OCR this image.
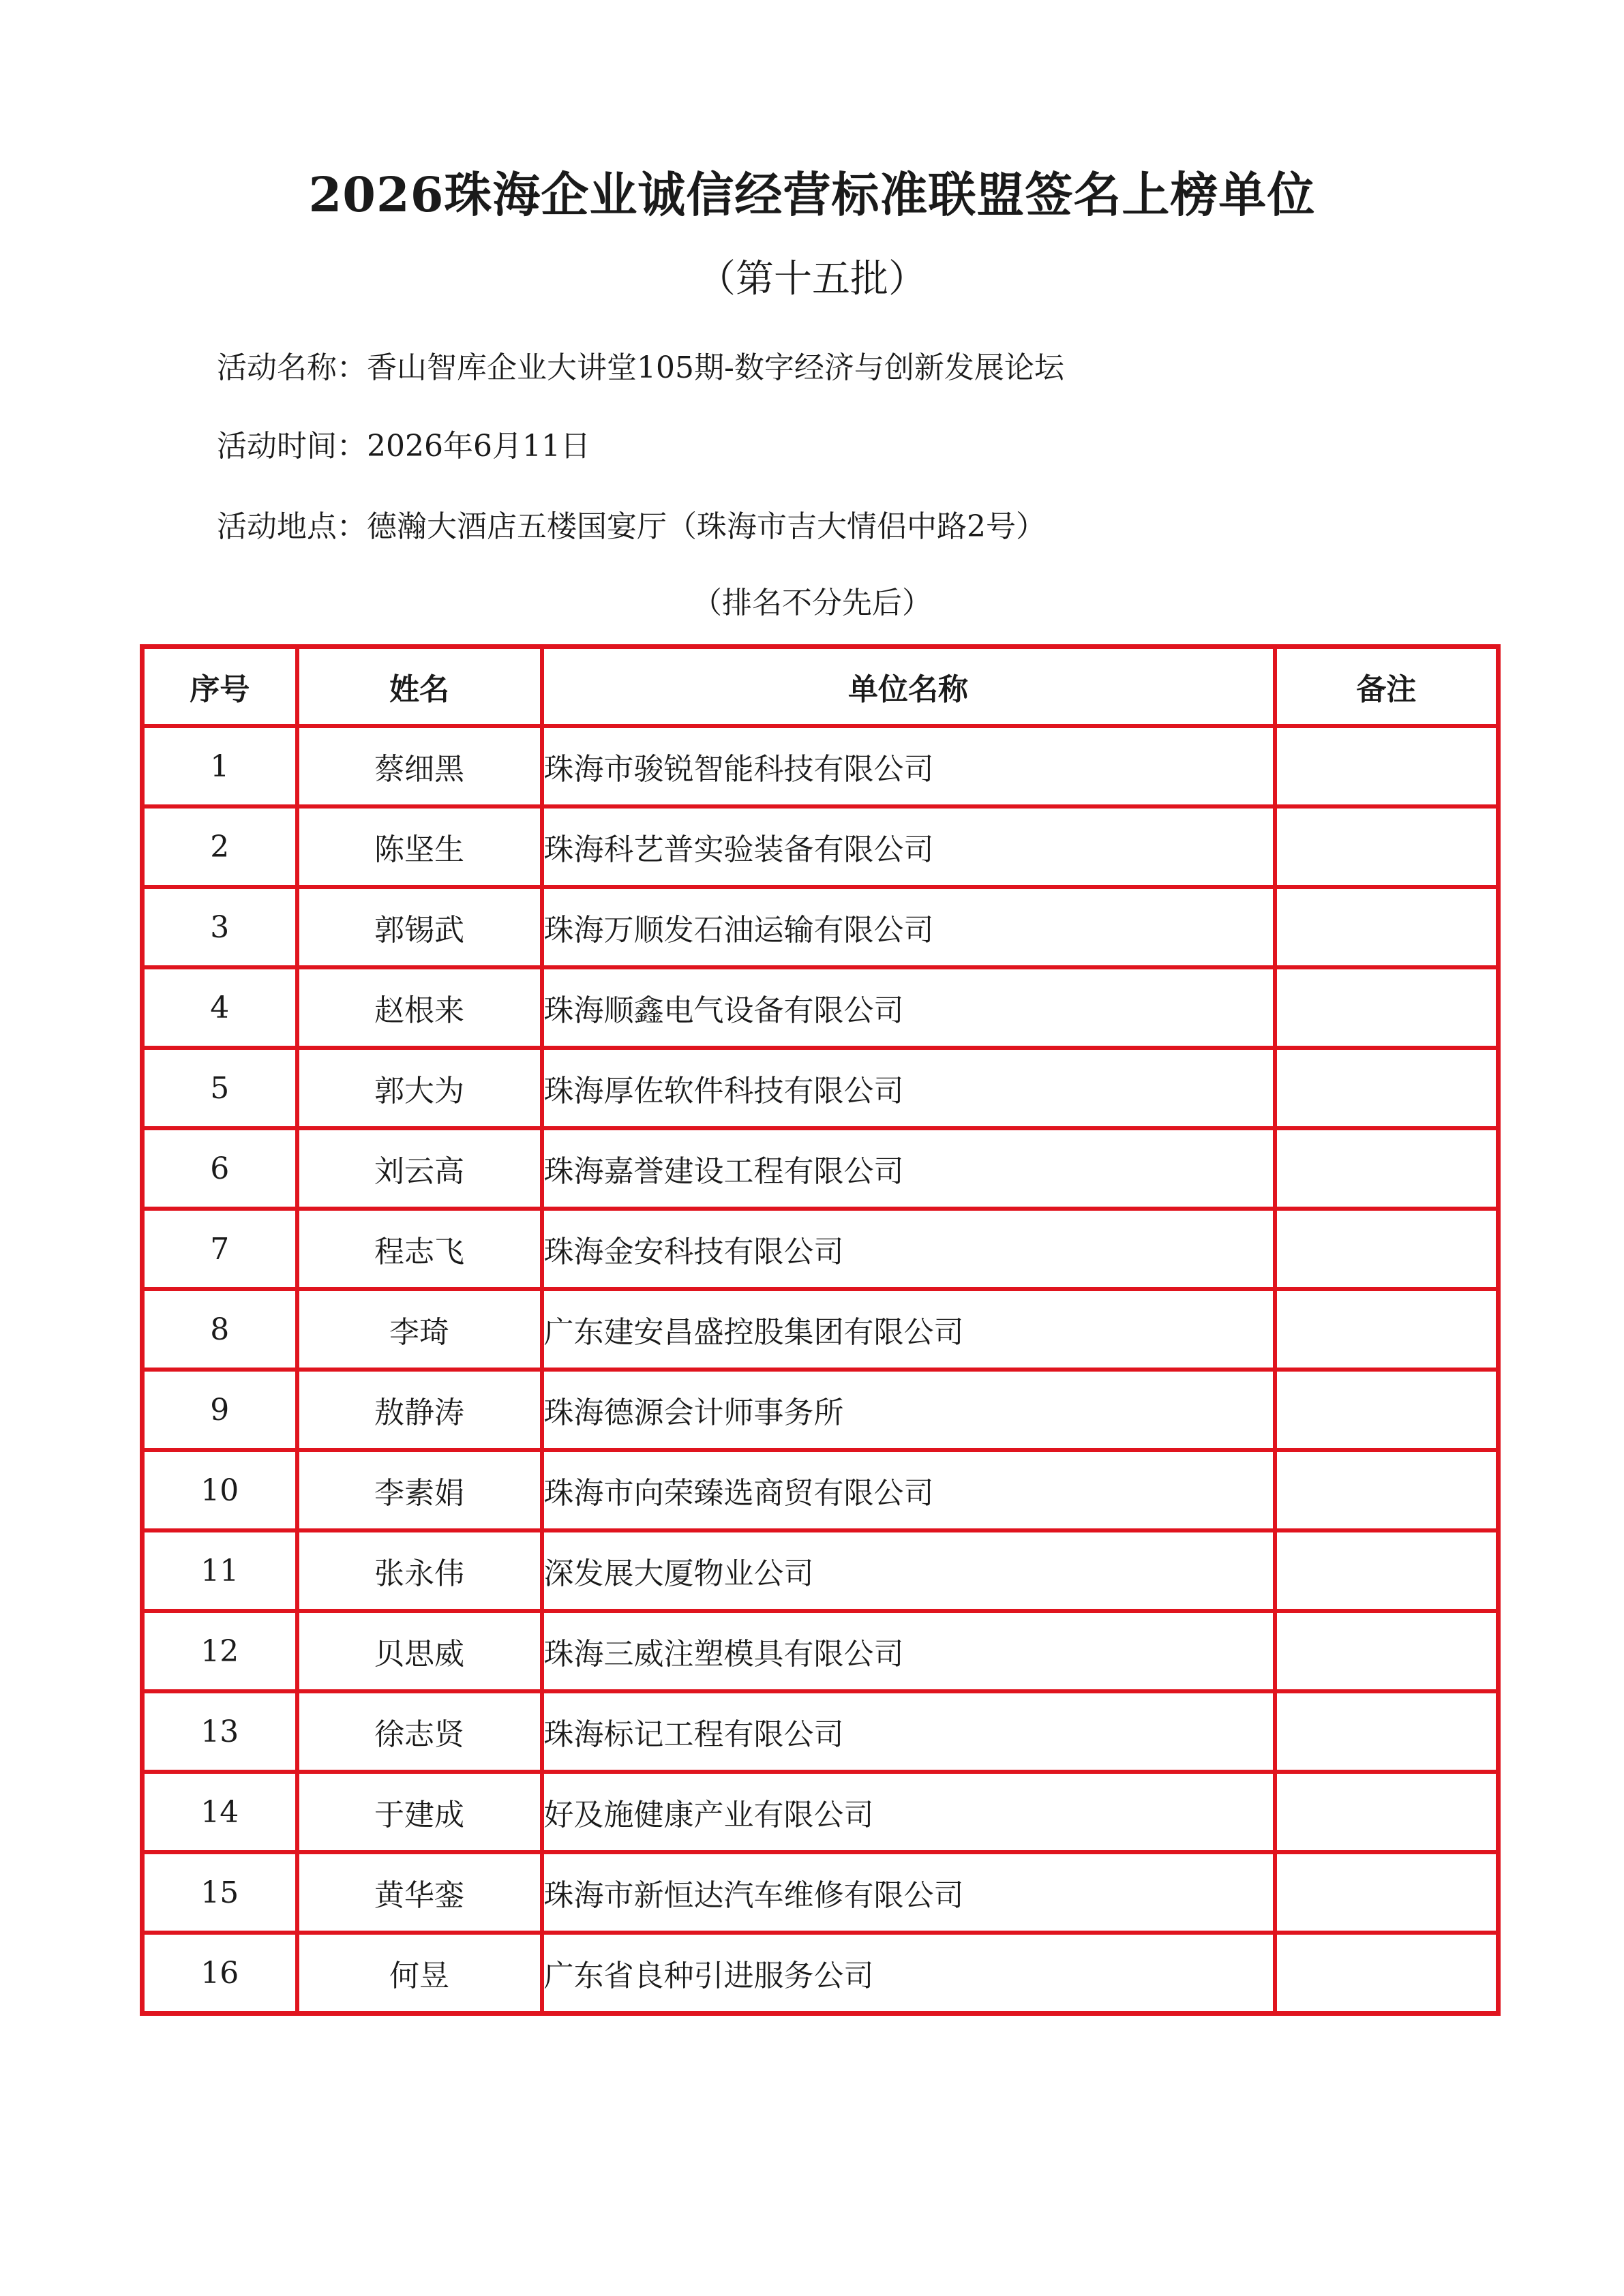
2026珠海企业诚信经营标准联盟签名上榜单位
（第十五批）
活动名称：香山智库企业大讲堂105期-数字经济与创新发展论坛
活动时间：2026年6月11日
活动地点：德瀚大酒店五楼国宴厅（珠海市吉大情侣中路2号）
（排名不分先后）
序号	姓名	单位名称	备注
1	蔡细黑	珠海市骏锐智能科技有限公司	
2	陈坚生	珠海科艺普实验装备有限公司	
3	郭锡武	珠海万顺发石油运输有限公司	
4	赵根来	珠海顺鑫电气设备有限公司	
5	郭大为	珠海厚佐软件科技有限公司	
6	刘云高	珠海嘉誉建设工程有限公司	
7	程志飞	珠海金安科技有限公司	
8	李琦	广东建安昌盛控股集团有限公司	
9	敖静涛	珠海德源会计师事务所	
10	李素娟	珠海市向荣臻选商贸有限公司	
11	张永伟	深发展大厦物业公司	
12	贝思威	珠海三威注塑模具有限公司	
13	徐志贤	珠海标记工程有限公司	
14	于建成	好及施健康产业有限公司	
15	黄华銮	珠海市新恒达汽车维修有限公司	
16	何昱	广东省良种引进服务公司	
